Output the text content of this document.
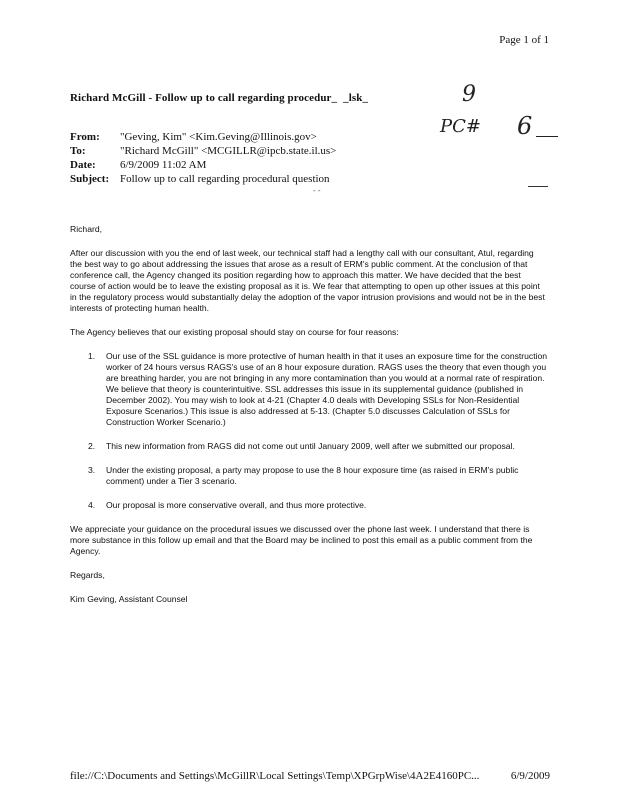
Page 1 of 1
Richard McGill - Follow up to call regarding procedur_ _lsk_	9
PC# 6
From:	"Geving, Kim" <Kim.Geving@Illinois.gov>
To:	"Richard McGill" <MCGILLR@ipcb.state.il.us>
Date:	6/9/2009 11:02 AM
Subject: Follow up to call regarding procedural question
- -

Richard,

After our discussion with you the end of last week, our technical staff had a lengthy call with our consultant, Atul, regarding the best way to go about addressing the issues that arose as a result of ERM's public comment. At the conclusion of that conference call, the Agency changed its position regarding how to approach this matter. We have decided that the best course of action would be to leave the existing proposal as it is. We fear that attempting to open up other issues at this point in the regulatory process would substantially delay the adoption of the vapor intrusion provisions and would not be in the best interests of protecting human health.

The Agency believes that our existing proposal should stay on course for four reasons:

1.	Our use of the SSL guidance is more protective of human health in that it uses an exposure time for the construction worker of 24 hours versus RAGS's use of an 8 hour exposure duration. RAGS uses the theory that even though you are breathing harder, you are not bringing in any more contamination than you would at a normal rate of respiration. We believe that theory is counterintuitive. SSL addresses this issue in its supplemental guidance (published in December 2002). You may wish to look at 4-21 (Chapter 4.0 deals with Developing SSLs for Non-Residential Exposure Scenarios.) This issue is also addressed at 5-13. (Chapter 5.0 discusses Calculation of SSLs for Construction Worker Scenario.)
2.	This new information from RAGS did not come out until January 2009, well after we submitted our proposal.
3.	Under the existing proposal, a party may propose to use the 8 hour exposure time (as raised in ERM's public comment) under a Tier 3 scenario.
4.	Our proposal is more conservative overall, and thus more protective.

We appreciate your guidance on the procedural issues we discussed over the phone last week. I understand that there is more substance in this follow up email and that the Board may be inclined to post this email as a public comment from the Agency.

Regards,

Kim Geving, Assistant Counsel

file://C:\Documents and Settings\McGillR\Local Settings\Temp\XPGrpWise\4A2E4160PC...	6/9/2009
